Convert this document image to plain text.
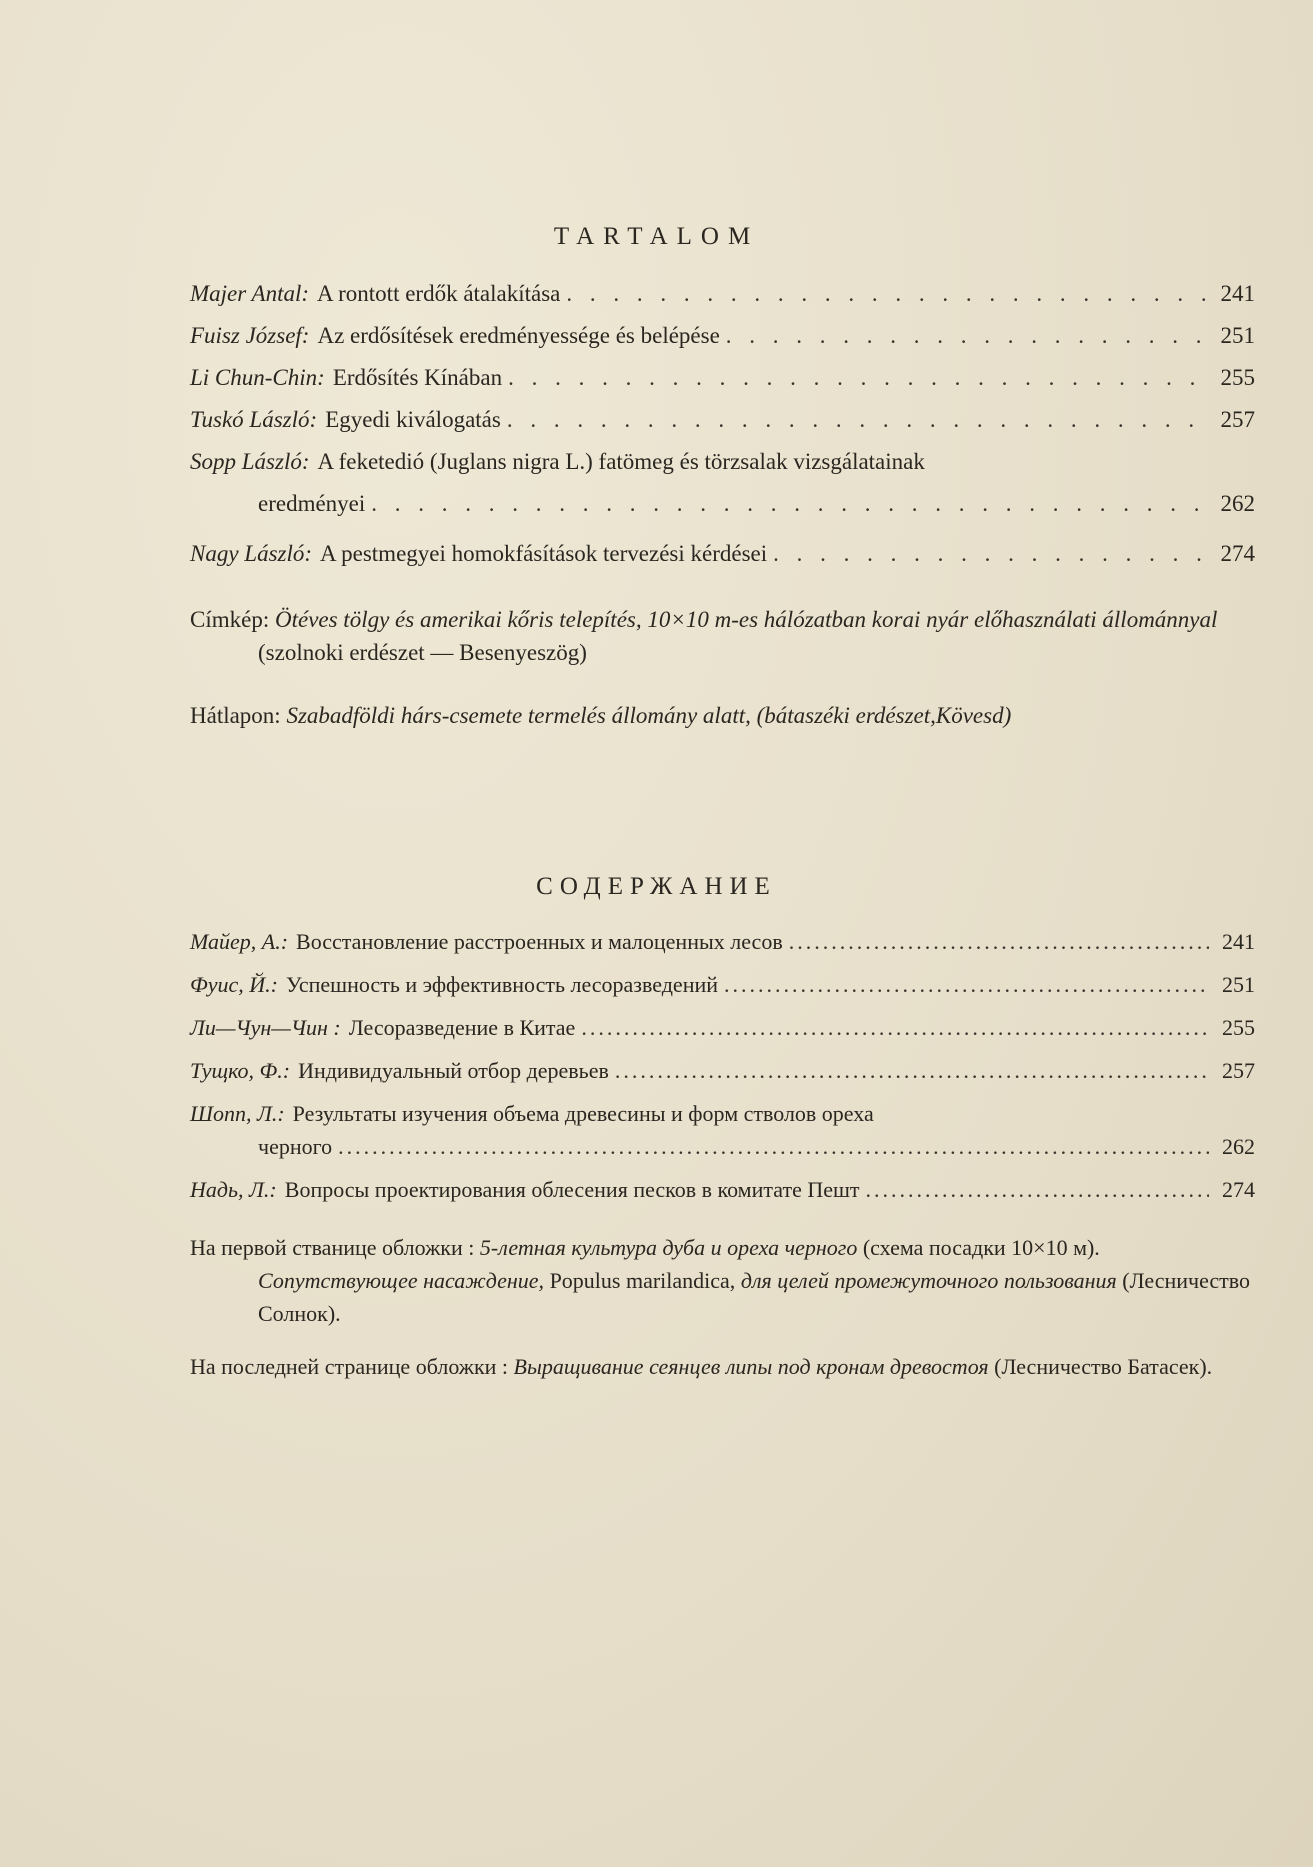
TARTALOM
Majer Antal: A rontott erdők átalakítása . . .	241
Fuisz József: Az erdősítések eredményessége és belépése . . .	251
Li Chun-Chin: Erdősítés Kínában . . .	255
Tuskó László: Egyedi kiválogatás . . .	257
Sopp László: A feketedió (Juglans nigra L.) fatömeg és törzsalak vizsgálatainak
eredményei . . .	262
Nagy László: A pestmegyei homokfásítások tervezési kérdései . . .	274
Címkép: Ötéves tölgy és amerikai kőris telepítés, 10×10 m-es hálózatban korai nyár előhasználati állománnyal (szolnoki erdészet — Besenyeszög)
Hátlapon: Szabadföldi hárs-csemete termelés állomány alatt, (bátaszéki erdészet,Kövesd)
СОДЕРЖАНИЕ
Майер, А.: Восстановление расстроенных и малоценных лесов .....	241
Фуис, Й.: Успешность и эффективность лесоразведений .....	251
Ли—Чун—Чин : Лесоразведение в Китае .....	255
Тущко, Ф.: Индивидуальный отбор деревьев .....	257
Шопп, Л.: Результаты изучения объема древесины и форм стволов ореха
черного .....	262
Надь, Л.: Вопросы проектирования облесения песков в комитате Пешт .....	274
На первой стванице обложки : 5-летная культура дуба и ореха черного (схема посадки 10×10 м). Сопутствующее насаждение, Populus marilandica, для целей промежуточного пользования (Лесничество Солнок).
На последней странице обложки : Выращивание сеянцев липы под кронам древостоя (Лесничество Батасек).
